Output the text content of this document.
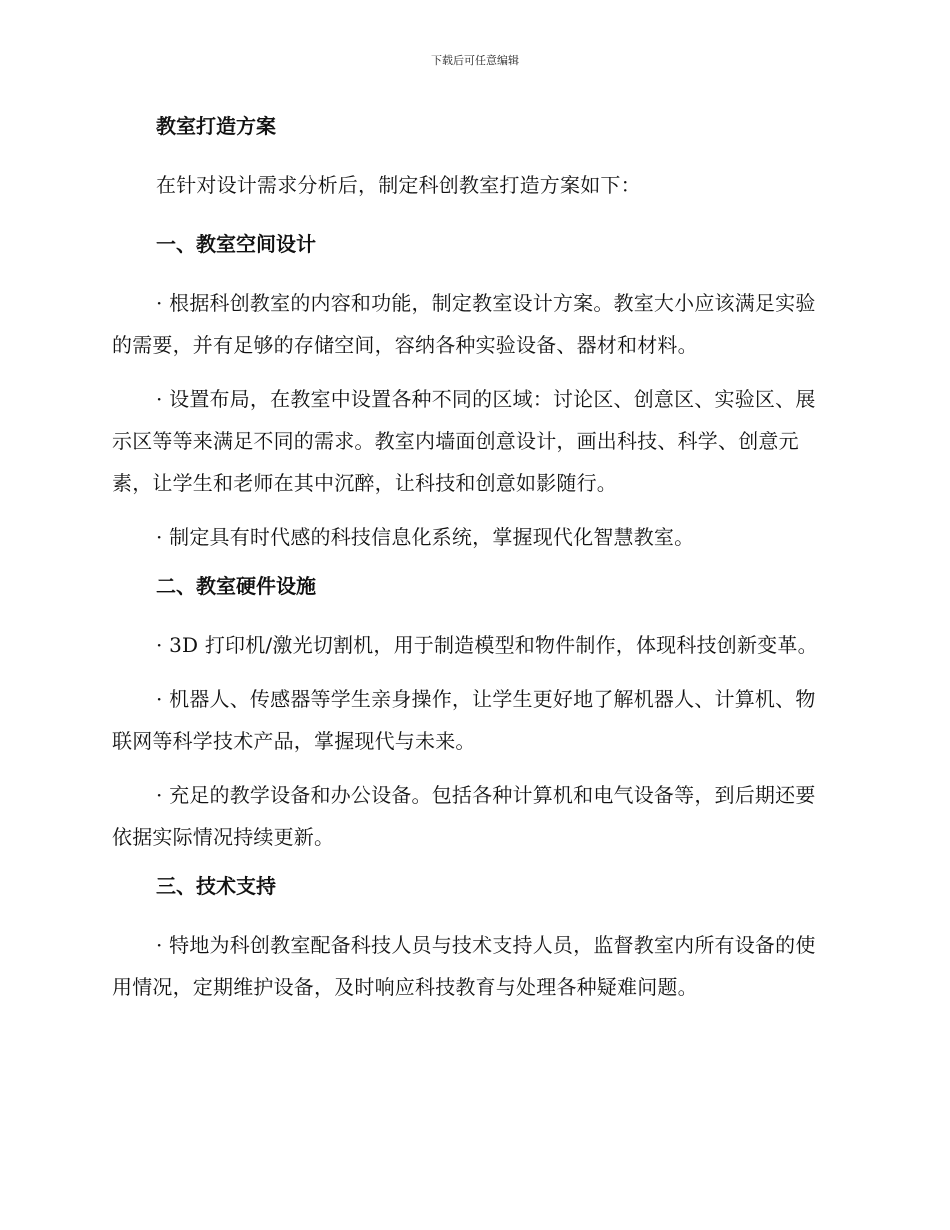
下载后可任意编辑
教室打造方案
在针对设计需求分析后，制定科创教室打造方案如下：
一、教室空间设计
· 根据科创教室的内容和功能，制定教室设计方案。教室大小应该满足实验的需要，并有足够的存储空间，容纳各种实验设备、器材和材料。
· 设置布局，在教室中设置各种不同的区域：讨论区、创意区、实验区、展示区等等来满足不同的需求。教室内墙面创意设计，画出科技、科学、创意元素，让学生和老师在其中沉醉，让科技和创意如影随行。
· 制定具有时代感的科技信息化系统，掌握现代化智慧教室。
二、教室硬件设施
· 3D 打印机/激光切割机，用于制造模型和物件制作，体现科技创新变革。
· 机器人、传感器等学生亲身操作，让学生更好地了解机器人、计算机、物联网等科学技术产品，掌握现代与未来。
· 充足的教学设备和办公设备。包括各种计算机和电气设备等，到后期还要依据实际情况持续更新。
三、技术支持
· 特地为科创教室配备科技人员与技术支持人员，监督教室内所有设备的使用情况，定期维护设备，及时响应科技教育与处理各种疑难问题。
